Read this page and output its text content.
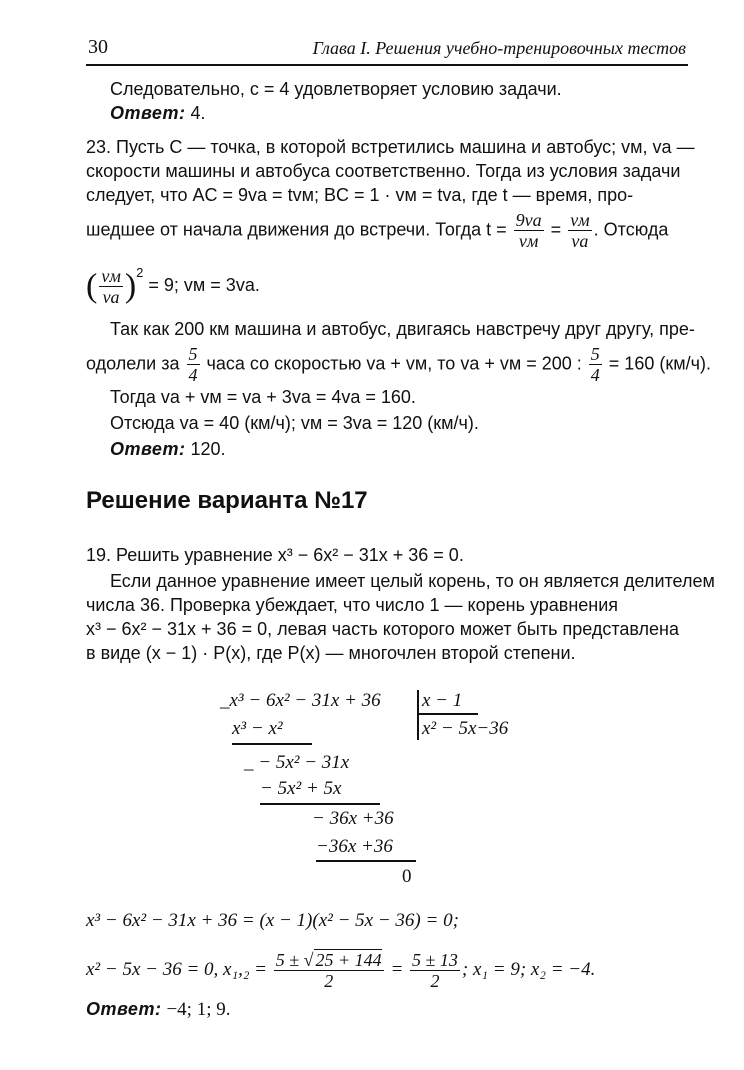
30	Глава I. Решения учебно-тренировочных тестов
Следовательно, c = 4 удовлетворяет условию задачи.
Ответ: 4.
23. Пусть C — точка, в которой встретились машина и автобус; vм, vа —
скорости машины и автобуса соответственно. Тогда из условия задачи
следует, что AC = 9vа = tvм; BC = 1 · vм = tvа, где t — время, про-
шедшее от начала движения до встречи. Тогда $t = \frac{9vа}{vм} = \frac{vм}{vа}$ . Отсюда
( $\frac{vм}{vа} )^2 = 9$; vм = 3vа.
Так как 200 км машина и автобус, двигаясь навстречу друг другу, пре-
одолели за $\frac{5}{4}$ часа со скоростью vа + vм, то vа + vм = 200 : $\frac{5}{4} = 160$ (км/ч).
Тогда vа + vм = vа + 3vа = 4vа = 160.
Отсюда vа = 40 (км/ч); vм = 3vа = 120 (км/ч).
Ответ: 120.
Решение варианта №17
19. Решить уравнение x³ − 6x² − 31x + 36 = 0.
Если данное уравнение имеет целый корень, то он является делителем
числа 36. Проверка убеждает, что число 1 — корень уравнения
x³ − 6x² − 31x + 36 = 0, левая часть которого может быть представлена
в виде (x − 1) · P(x), где P(x) — многочлен второй степени.
_x³ − 6x² − 31x + 36 x − 1
x³ − x²	x² − 5x−36
_ − 5x² − 31x
− 5x² + 5x
− 36x +36
−36x +36
0
x³ − 6x² − 31x + 36 = (x − 1)(x² − 5x − 36) = 0;
x² − 5x − 36 = 0, $x_1,_2 = \frac{5 \pm √ 25 + 144}{2} = \frac{5 \pm 13}{2}$ ; x₁ = 9; x₂ = −4.
Ответ: −4; 1; 9.
